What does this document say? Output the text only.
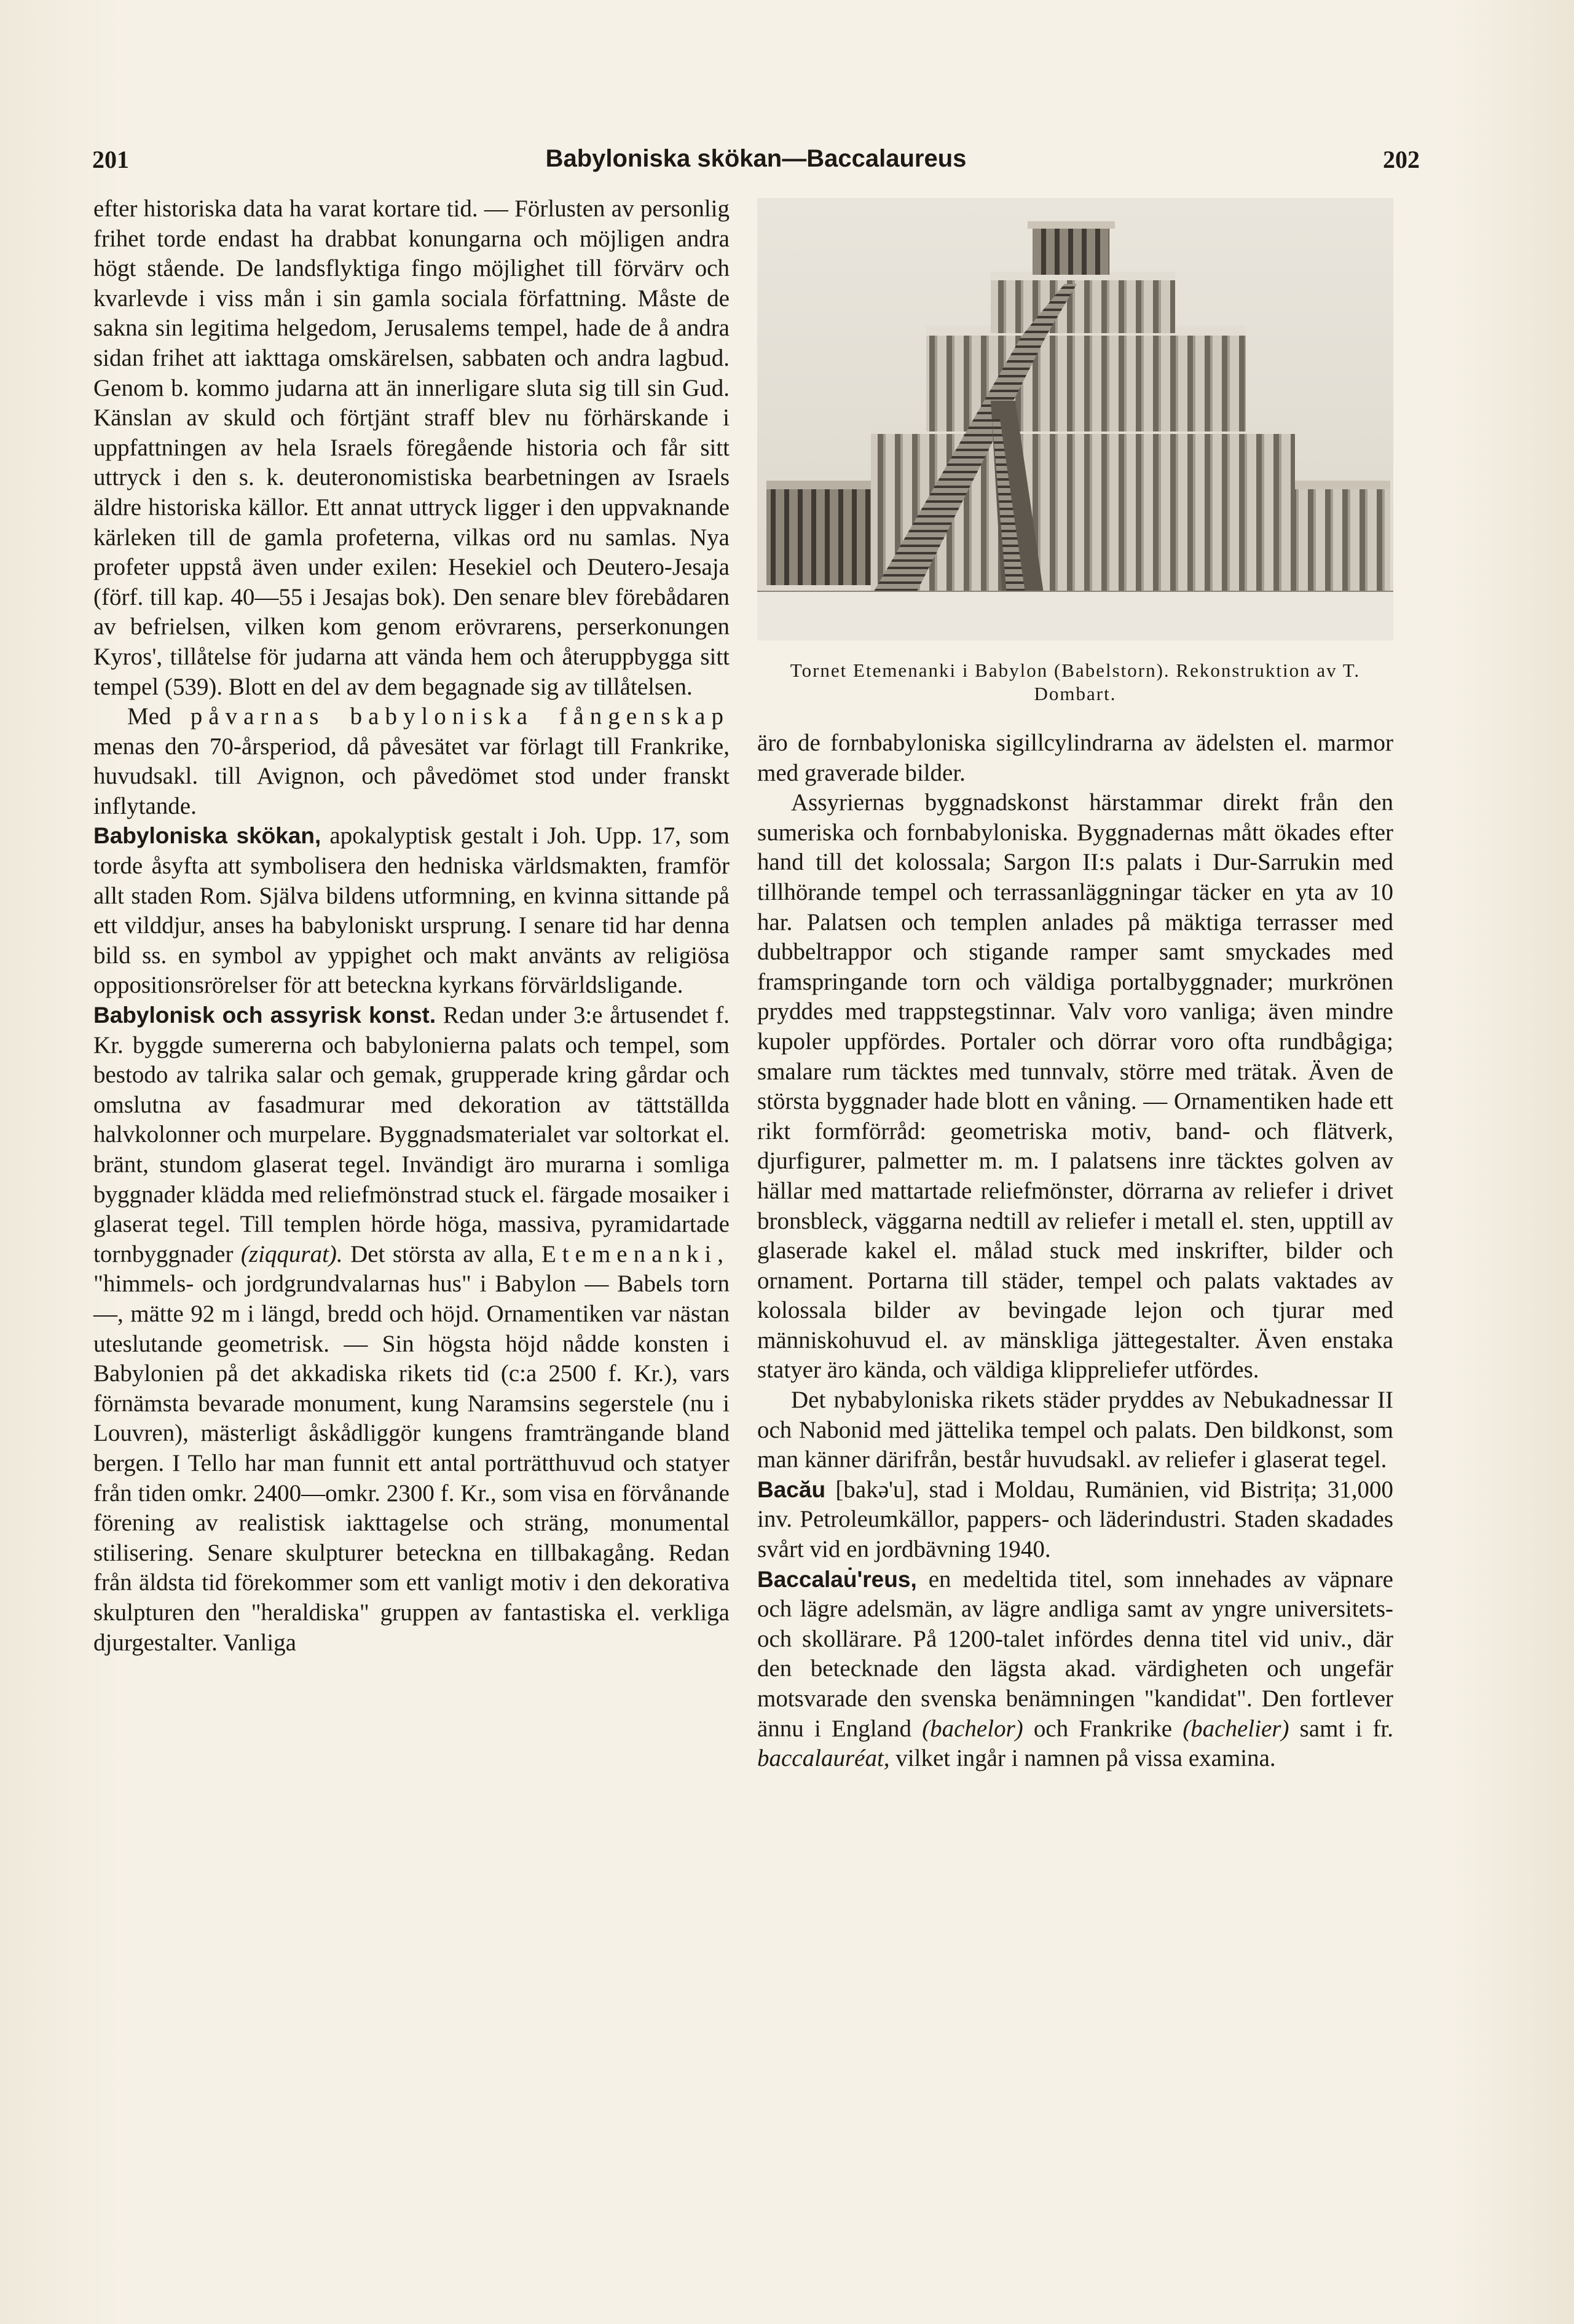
201	Babyloniska skökan—Baccalaureus	202

efter historiska data ha varat kortare tid. — Förlusten av personlig frihet torde endast ha drabbat konungarna och möjligen andra högt stående. De landsflyktiga fingo möjlighet till förvärv och kvarlevde i viss mån i sin gamla sociala författning. Måste de sakna sin legitima helgedom, Jerusalems tempel, hade de å andra sidan frihet att iakttaga omskärelsen, sabbaten och andra lagbud. Genom b. kommo judarna att än innerligare sluta sig till sin Gud. Känslan av skuld och förtjänt straff blev nu förhärskande i uppfattningen av hela Israels föregående historia och får sitt uttryck i den s. k. deuteronomistiska bearbetningen av Israels äldre historiska källor. Ett annat uttryck ligger i den uppvaknande kärleken till de gamla profeterna, vilkas ord nu samlas. Nya profeter uppstå även under exilen: Hesekiel och Deutero-Jesaja (förf. till kap. 40—55 i Jesajas bok). Den senare blev förebådaren av befrielsen, vilken kom genom erövrarens, perserkonungen Kyros', tillåtelse för judarna att vända hem och återuppbygga sitt tempel (539). Blott en del av dem begagnade sig av tillåtelsen.

Med påvarnas babyloniska fångenskap menas den 70-årsperiod, då påvesätet var förlagt till Frankrike, huvudsakl. till Avignon, och påvedömet stod under franskt inflytande.

Babyloniska skökan, apokalyptisk gestalt i Joh. Upp. 17, som torde åsyfta att symbolisera den hedniska världsmakten, framför allt staden Rom. Själva bildens utformning, en kvinna sittande på ett vilddjur, anses ha babyloniskt ursprung. I senare tid har denna bild ss. en symbol av yppighet och makt använts av religiösa oppositionsrörelser för att beteckna kyrkans förvärldsligande.

Babylonisk och assyrisk konst. Redan under 3:e årtusendet f. Kr. byggde sumererna och babylonierna palats och tempel, som bestodo av talrika salar och gemak, grupperade kring gårdar och omslutna av fasadmurar med dekoration av tättställda halvkolonner och murpelare. Byggnadsmaterialet var soltorkat el. bränt, stundom glaserat tegel. Invändigt äro murarna i somliga byggnader klädda med reliefmönstrad stuck el. färgade mosaiker i glaserat tegel. Till templen hörde höga, massiva, pyramidartade tornbyggnader (ziqqurat). Det största av alla, Etemenanki, "himmels- och jordgrundvalarnas hus" i Babylon — Babels torn —, mätte 92 m i längd, bredd och höjd. Ornamentiken var nästan uteslutande geometrisk. — Sin högsta höjd nådde konsten i Babylonien på det akkadiska rikets tid (c:a 2500 f. Kr.), vars förnämsta bevarade monument, kung Naramsins segerstele (nu i Louvren), mästerligt åskådliggör kungens framträngande bland bergen. I Tello har man funnit ett antal porträtthuvud och statyer från tiden omkr. 2400—omkr. 2300 f. Kr., som visa en förvånande förening av realistisk iakttagelse och sträng, monumental stilisering. Senare skulpturer beteckna en tillbakagång. Redan från äldsta tid förekommer som ett vanligt motiv i den dekorativa skulpturen den "heraldiska" gruppen av fantastiska el. verkliga djurgestalter. Vanliga

Tornet Etemenanki i Babylon (Babelstorn). Rekonstruktion av T. Dombart.

äro de fornbabyloniska sigillcylindrarna av ädelsten el. marmor med graverade bilder.

Assyriernas byggnadskonst härstammar direkt från den sumeriska och fornbabyloniska. Byggnadernas mått ökades efter hand till det kolossala; Sargon II:s palats i Dur-Sarrukin med tillhörande tempel och terrassanläggningar täcker en yta av 10 har. Palatsen och templen anlades på mäktiga terrasser med dubbeltrappor och stigande ramper samt smyckades med framspringande torn och väldiga portalbyggnader; murkrönen pryddes med trappstegstinnar. Valv voro vanliga; även mindre kupoler uppfördes. Portaler och dörrar voro ofta rundbågiga; smalare rum täcktes med tunnvalv, större med trätak. Även de största byggnader hade blott en våning. — Ornamentiken hade ett rikt formförråd: geometriska motiv, band- och flätverk, djurfigurer, palmetter m. m. I palatsens inre täcktes golven av hällar med mattartade reliefmönster, dörrarna av reliefer i drivet bronsbleck, väggarna nedtill av reliefer i metall el. sten, upptill av glaserade kakel el. målad stuck med inskrifter, bilder och ornament. Portarna till städer, tempel och palats vaktades av kolossala bilder av bevingade lejon och tjurar med människohuvud el. av mänskliga jättegestalter. Även enstaka statyer äro kända, och väldiga klippreliefer utfördes.

Det nybabyloniska rikets städer pryddes av Nebukadnessar II och Nabonid med jättelika tempel och palats. Den bildkonst, som man känner därifrån, består huvudsakl. av reliefer i glaserat tegel.

Bacău [bakə'u], stad i Moldau, Rumänien, vid Bistrița; 31,000 inv. Petroleumkällor, pappers- och läderindustri. Staden skadades svårt vid en jordbävning 1940.

Baccalau̇'reus, en medeltida titel, som innehades av väpnare och lägre adelsmän, av lägre andliga samt av yngre universitets- och skollärare. På 1200-talet infördes denna titel vid univ., där den betecknade den lägsta akad. värdigheten och ungefär motsvarade den svenska benämningen "kandidat". Den fortlever ännu i England (bachelor) och Frankrike (bachelier) samt i fr. baccalauréat, vilket ingår i namnen på vissa examina.
